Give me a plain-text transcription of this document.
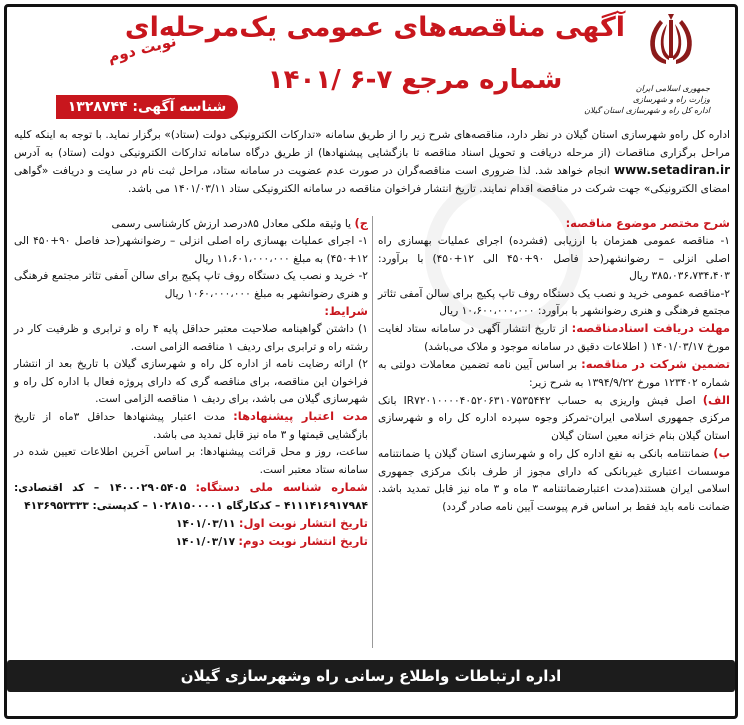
جمهوری اسلامی ایران
وزارت راه و شهرسازی
اداره کل راه و شهرسازی استان گیلان
آگهی مناقصه‌های عمومی یک‌مرحله‌ای
شماره مرجع ۷-۶ /۱۴۰۱
نوبت دوم
شناسه آگهی: ۱۳۲۸۷۴۴
اداره کل راه‌و شهرسازی استان گیلان در نظر دارد، مناقصه‌های شرح زیر را از طریق سامانه «تدارکات الکترونیکی دولت (ستاد)» برگزار نماید. با توجه به اینکه کلیه مراحل برگزاری مناقصات (از مرحله دریافت و تحویل اسناد مناقصه تا بازگشایی پیشنهادها) از طریق درگاه سامانه تدارکات الکترونیکی دولت (ستاد) به آدرس www.setadiran.ir انجام خواهد شد. لذا ضروری است مناقصه‌گران در صورت عدم عضویت در سامانه ستاد، مراحل ثبت نام در سایت و دریافت «گواهی امضای الکترونیکی» جهت شرکت در مناقصه اقدام نمایند. تاریخ انتشار فراخوان مناقصه در سامانه الکترونیکی ستاد ۱۴۰۱/۰۳/۱۱ می باشد.

شرح مختصر موضوع مناقصه:

۱- مناقصه عمومی همزمان با ارزیابی (فشرده) اجرای عملیات بهسازی راه اصلی انزلی – رضوانشهر(حد فاصل ۹۰+۴۵۰ الی ۱۲+۴۵۰) با برآورد: ۳۸۵،۰۳۶،۷۳۴،۴۰۳ ریال

۲-مناقصه عمومی خرید و نصب یک دستگاه روف تاپ پکیج برای سالن آمفی تئاتر مجتمع فرهنگی و هنری رضوانشهر با برآورد: ۱۰،۶۰۰،۰۰۰،۰۰۰ ریال

مهلت دریافت اسنادمناقصه: از تاریخ انتشار آگهی در سامانه ستاد لغایت مورخ ۱۴۰۱/۰۳/۱۷ ( اطلاعات دقیق در سامانه موجود و ملاک می‌باشد)

تضمین شرکت در مناقصه: بر اساس آیین نامه تضمین معاملات دولتی به شماره ۱۲۳۴۰۲ مورخ ۱۳۹۴/۹/۲۲ به شرح زیر:

الف) اصل فیش واریزی به حساب IR۷۲۰۱۰۰۰۰۴۰۵۲۰۶۳۱۰۷۵۳۵۴۴۲ بانک مرکزی جمهوری اسلامی ایران-تمرکز وجوه سپرده اداره کل راه و شهرسازی استان گیلان بنام خزانه معین استان گیلان

ب) ضمانتنامه بانکی به نفع اداره کل راه و شهرسازی استان گیلان یا ضمانتنامه موسسات اعتباری غیربانکی که دارای مجوز از طرف بانک مرکزی جمهوری اسلامی ایران هستند(مدت اعتبارضمانتنامه ۳ ماه و ۳ ماه نیز قابل تمدید باشد. ضمانت نامه باید فقط بر اساس فرم پیوست آیین نامه صادر گردد)

ج) یا وثیقه ملکی معادل ۸۵درصد ارزش کارشناسی رسمی

۱- اجرای عملیات بهسازی راه اصلی انزلی – رضوانشهر(حد فاصل ۹۰+۴۵۰ الی ۱۲+۴۵۰) به مبلغ ۱۱،۶۰۱،۰۰۰،۰۰۰ ریال

۲- خرید و نصب یک دستگاه روف تاپ پکیج برای سالن آمفی تئاتر مجتمع فرهنگی و هنری رضوانشهر به مبلغ ۱۰۶۰،۰۰۰،۰۰۰ ریال

شرایط:

۱) داشتن گواهینامه صلاحیت معتبر حداقل پایه ۴ راه و ترابری و ظرفیت کار در رشته راه و ترابری برای ردیف ۱ مناقصه الزامی است.

۲) ارائه رضایت نامه از اداره کل راه و شهرسازی گیلان با تاریخ بعد از انتشار فراخوان این مناقصه، برای مناقصه گری که دارای پروژه فعال با اداره کل راه و شهرسازی گیلان می باشد، برای ردیف ۱ مناقصه الزامی است.

مدت اعتبار پیشنهادها: مدت اعتبار پیشنهادها حداقل ۳ماه از تاریخ بازگشایی قیمتها و ۳ ماه نیز قابل تمدید می باشد.

ساعت، روز و محل قرائت پیشنهادها: بر اساس آخرین اطلاعات تعیین شده در سامانه ستاد معتبر است.

شماره شناسه ملی دستگاه: ۱۴۰۰۰۲۹۰۵۴۰۵ – کد اقتصادی: ۴۱۱۱۴۱۶۹۱۷۹۸۴ – کدکارگاه ۱۰۲۸۱۵۰۰۰۰۱ – کدپستی: ۴۱۳۶۹۵۳۳۳۳

تاریخ انتشار نوبت اول: ۱۴۰۱/۰۳/۱۱

تاریخ انتشار نوبت دوم: ۱۴۰۱/۰۳/۱۷

اداره ارتباطات واطلاع رسانی راه وشهرسازی گیلان
